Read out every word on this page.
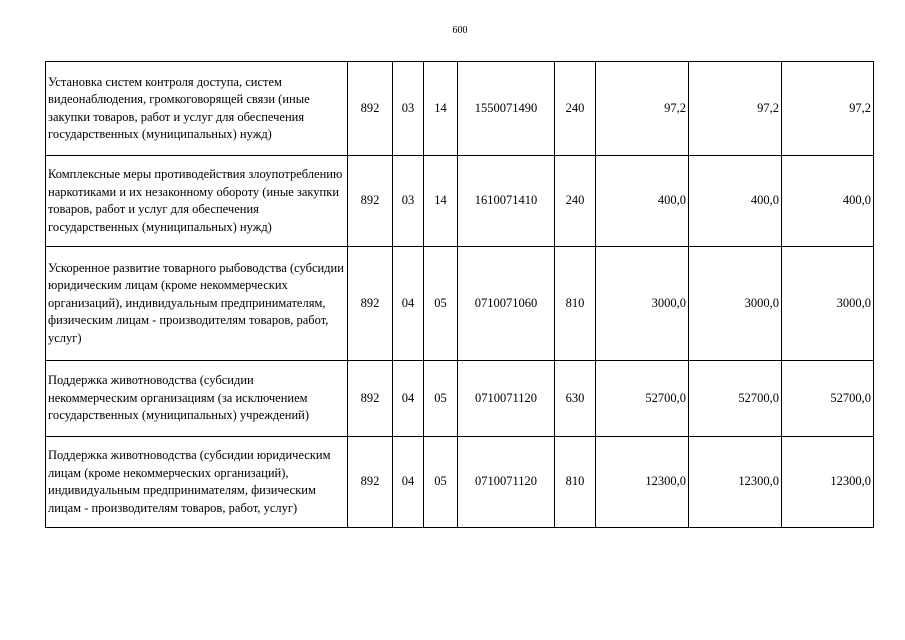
600
Установка систем контроля доступа, систем видеонаблюдения, громкоговорящей связи (иные закупки товаров, работ и услуг для обеспечения государственных (муниципальных) нужд)	892	03	14	1550071490	240	97,2	97,2	97,2
Комплексные меры противодействия злоупотреблению наркотиками и их незаконному обороту (иные закупки товаров, работ и услуг для обеспечения государственных (муниципальных) нужд)	892	03	14	1610071410	240	400,0	400,0	400,0
Ускоренное развитие товарного рыбоводства (субсидии юридическим лицам (кроме некоммерческих организаций), индивидуальным предпринимателям, физическим лицам - производителям товаров, работ, услуг)	892	04	05	0710071060	810	3000,0	3000,0	3000,0
Поддержка животноводства (субсидии некоммерческим организациям (за исключением государственных (муниципальных) учреждений)	892	04	05	0710071120	630	52700,0	52700,0	52700,0
Поддержка животноводства (субсидии юридическим лицам (кроме некоммерческих организаций), индивидуальным предпринимателям, физическим лицам - производителям товаров, работ, услуг)	892	04	05	0710071120	810	12300,0	12300,0	12300,0
